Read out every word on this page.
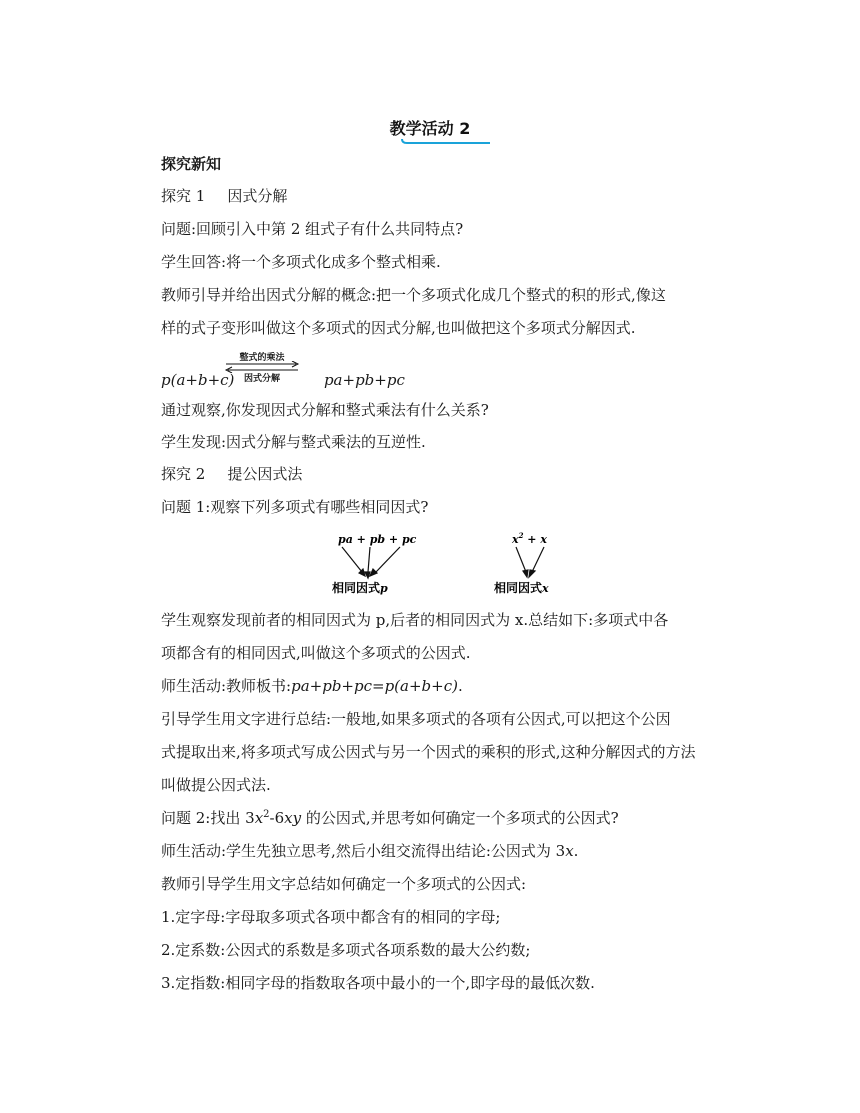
教学活动 2
探究新知
探究 1 因式分解
问题:回顾引入中第 2 组式子有什么共同特点?
学生回答:将一个多项式化成多个整式相乘.
教师引导并给出因式分解的概念:把一个多项式化成几个整式的积的形式,像这
样的式子变形叫做这个多项式的因式分解,也叫做把这个多项式分解因式.
p(a+b+c)	pa+pb+pc
整式的乘法
因式分解
通过观察,你发现因式分解和整式乘法有什么关系?
学生发现:因式分解与整式乘法的互逆性.
探究 2 提公因式法
问题 1:观察下列多项式有哪些相同因式?
pa + pb + pc
相同因式p
$x^2 + x$
相同因式x
学生观察发现前者的相同因式为 p,后者的相同因式为 x.总结如下:多项式中各
项都含有的相同因式,叫做这个多项式的公因式.
师生活动:教师板书:pa+pb+pc=p(a+b+c).
引导学生用文字进行总结:一般地,如果多项式的各项有公因式,可以把这个公因
式提取出来,将多项式写成公因式与另一个因式的乘积的形式,这种分解因式的方法
叫做提公因式法.
问题 2:找出 $3x^2-6xy$ 的公因式,并思考如何确定一个多项式的公因式?
师生活动:学生先独立思考,然后小组交流得出结论:公因式为 3x.
教师引导学生用文字总结如何确定一个多项式的公因式:
1.定字母:字母取多项式各项中都含有的相同的字母;
2.定系数:公因式的系数是多项式各项系数的最大公约数;
3.定指数:相同字母的指数取各项中最小的一个,即字母的最低次数.
